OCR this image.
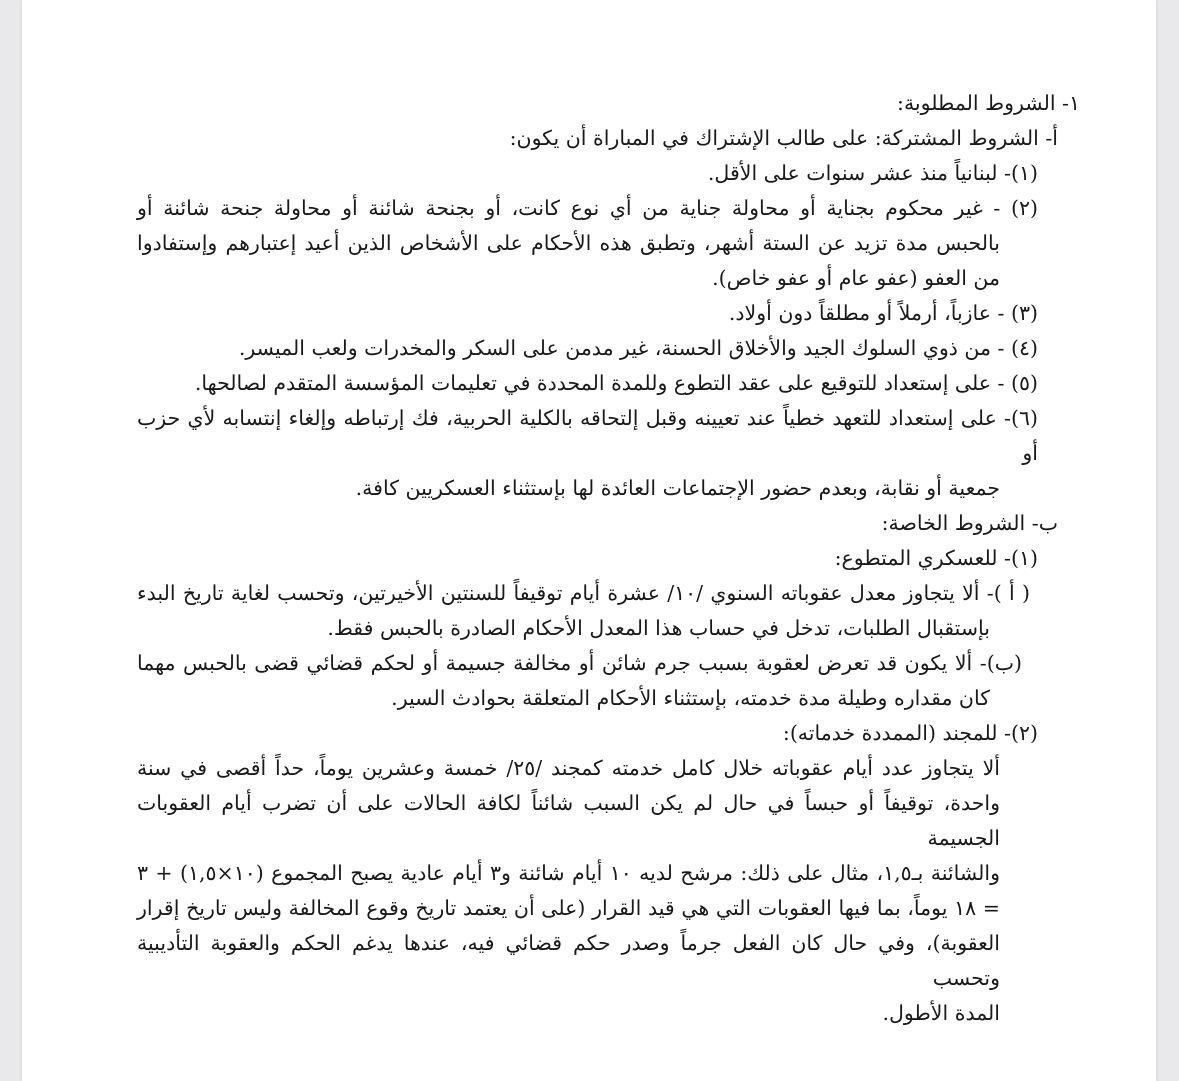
١- الشروط المطلوبة:
أ- الشروط المشتركة: على طالب الإشتراك في المباراة أن يكون:
(١)- لبنانياً منذ عشر سنوات على الأقل.
(٢) - غير محكوم بجناية أو محاولة جناية من أي نوع كانت، أو بجنحة شائنة أو محاولة جنحة شائنة أو
بالحبس مدة تزيد عن الستة أشهر، وتطبق هذه الأحكام على الأشخاص الذين أعيد إعتبارهم وإستفادوا
من العفو (عفو عام أو عفو خاص).
(٣) - عازباً، أرملاً أو مطلقاً دون أولاد.
(٤) - من ذوي السلوك الجيد والأخلاق الحسنة، غير مدمن على السكر والمخدرات ولعب الميسر.
(٥) - على إستعداد للتوقيع على عقد التطوع وللمدة المحددة في تعليمات المؤسسة المتقدم لصالحها.
(٦)- على إستعداد للتعهد خطياً عند تعيينه وقبل إلتحاقه بالكلية الحربية، فك إرتباطه وإلغاء إنتسابه لأي حزب أو
جمعية أو نقابة، وبعدم حضور الإجتماعات العائدة لها بإستثناء العسكريين كافة.
ب- الشروط الخاصة:
(١)- للعسكري المتطوع:
( أ )- ألا يتجاوز معدل عقوباته السنوي /١٠/ عشرة أيام توقيفاً للسنتين الأخيرتين، وتحسب لغاية تاريخ البدء
بإستقبال الطلبات، تدخل في حساب هذا المعدل الأحكام الصادرة بالحبس فقط.
(ب)- ألا يكون قد تعرض لعقوبة بسبب جرم شائن أو مخالفة جسيمة أو لحكم قضائي قضى بالحبس مهما
كان مقداره وطيلة مدة خدمته، بإستثناء الأحكام المتعلقة بحوادث السير.
(٢)- للمجند (الممددة خدماته):
ألا يتجاوز عدد أيام عقوباته خلال كامل خدمته كمجند /٢٥/ خمسة وعشرين يوماً، حداً أقصى في سنة
واحدة، توقيفاً أو حبساً في حال لم يكن السبب شائناً لكافة الحالات على أن تضرب أيام العقوبات الجسيمة
والشائنة بـ١,٥، مثال على ذلك: مرشح لديه ١٠ أيام شائنة و٣ أيام عادية يصبح المجموع (١٠×١,٥) + ٣
= ١٨ يوماً، بما فيها العقوبات التي هي قيد القرار (على أن يعتمد تاريخ وقوع المخالفة وليس تاريخ إقرار
العقوبة)، وفي حال كان الفعل جرماً وصدر حكم قضائي فيه، عندها يدغم الحكم والعقوبة التأديبية وتحسب
المدة الأطول.
